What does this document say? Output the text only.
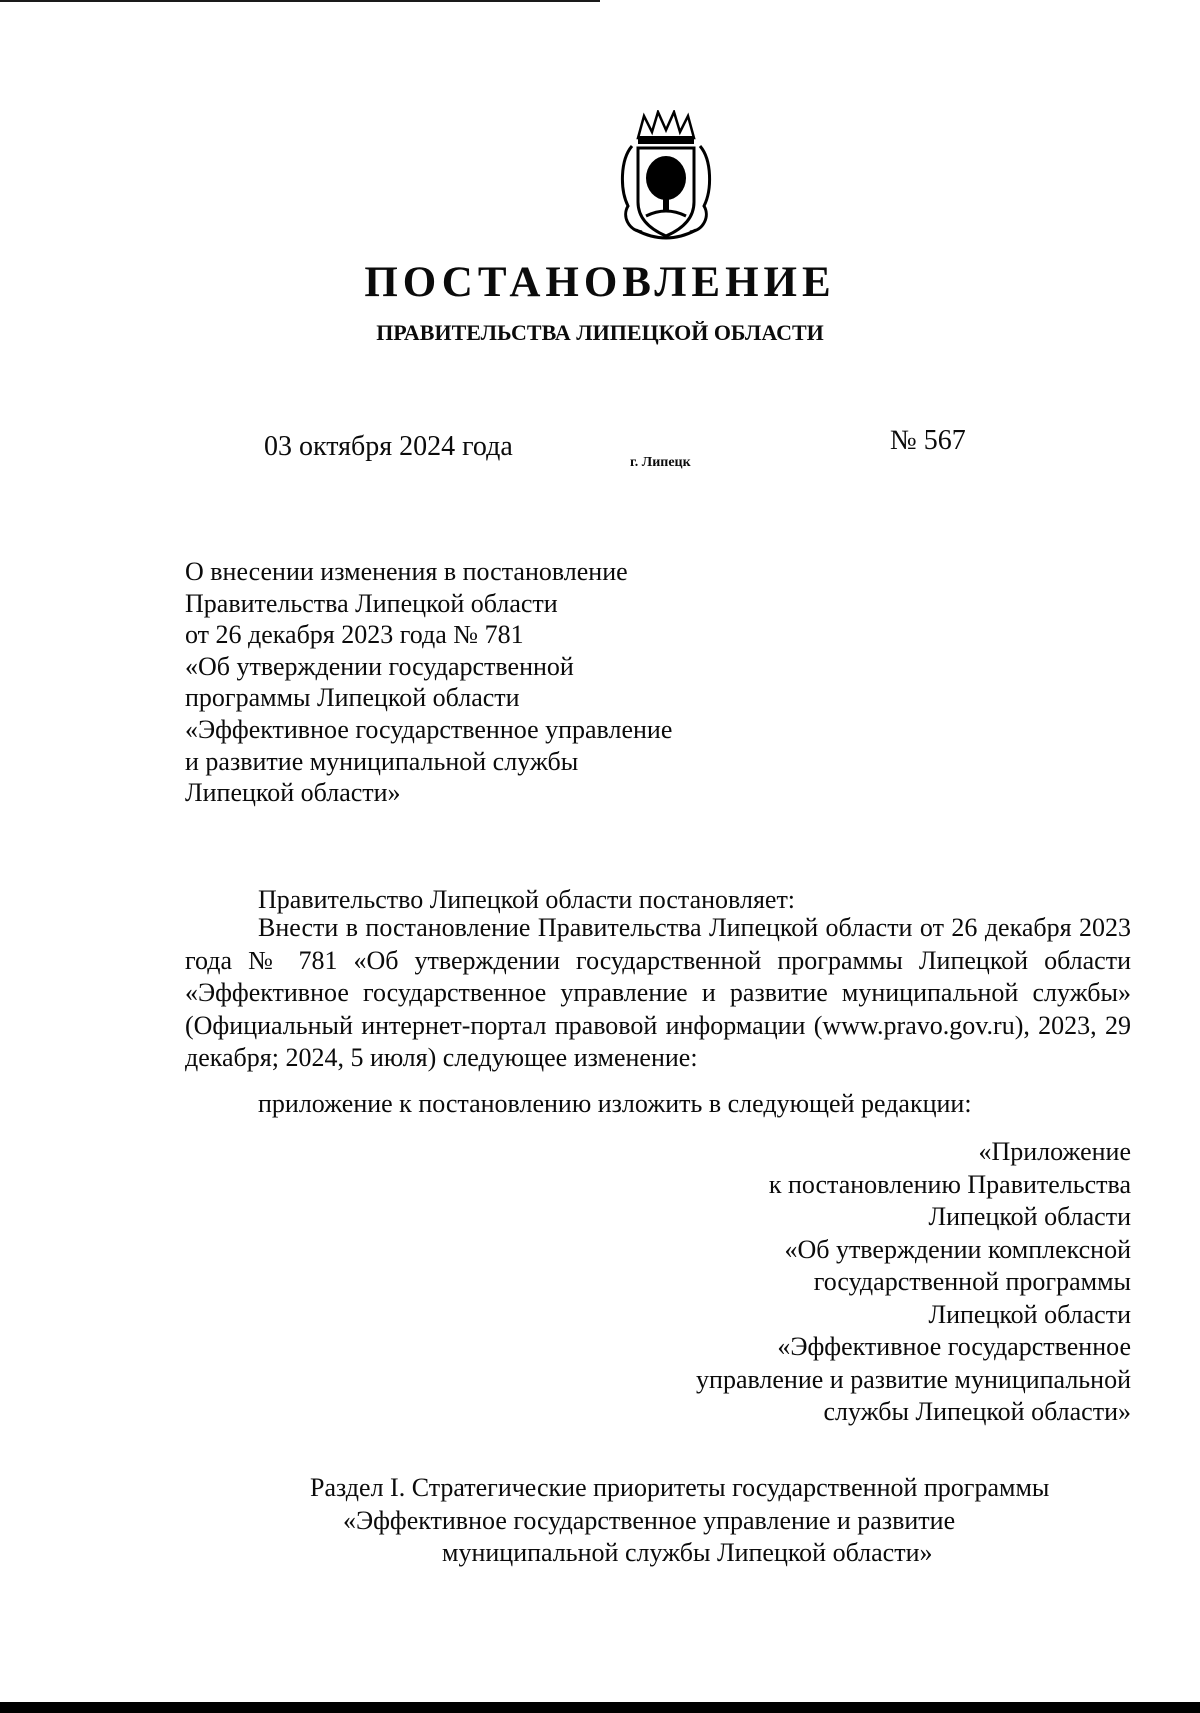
ПОСТАНОВЛЕНИЕ
ПРАВИТЕЛЬСТВА ЛИПЕЦКОЙ ОБЛАСТИ
03 октября 2024 года
г. Липецк
№ 567
О внесении изменения в постановление
Правительства Липецкой области
от 26 декабря 2023 года № 781
«Об утверждении государственной
программы Липецкой области
«Эффективное государственное управление
и развитие муниципальной службы
Липецкой области»
Правительство Липецкой области постановляет:
Внести в постановление Правительства Липецкой области от 26 декабря 2023 года № 781 «Об утверждении государственной программы Липецкой области «Эффективное государственное управление и развитие муниципальной службы» (Официальный интернет-портал правовой информации (www.pravo.gov.ru), 2023, 29 декабря; 2024, 5 июля) следующее изменение:
приложение к постановлению изложить в следующей редакции:
«Приложение
к постановлению Правительства
Липецкой области
«Об утверждении комплексной
государственной программы
Липецкой области
«Эффективное государственное
управление и развитие муниципальной
службы Липецкой области»
Раздел I. Стратегические приоритеты государственной программы
«Эффективное государственное управление и развитие
муниципальной службы Липецкой области»
